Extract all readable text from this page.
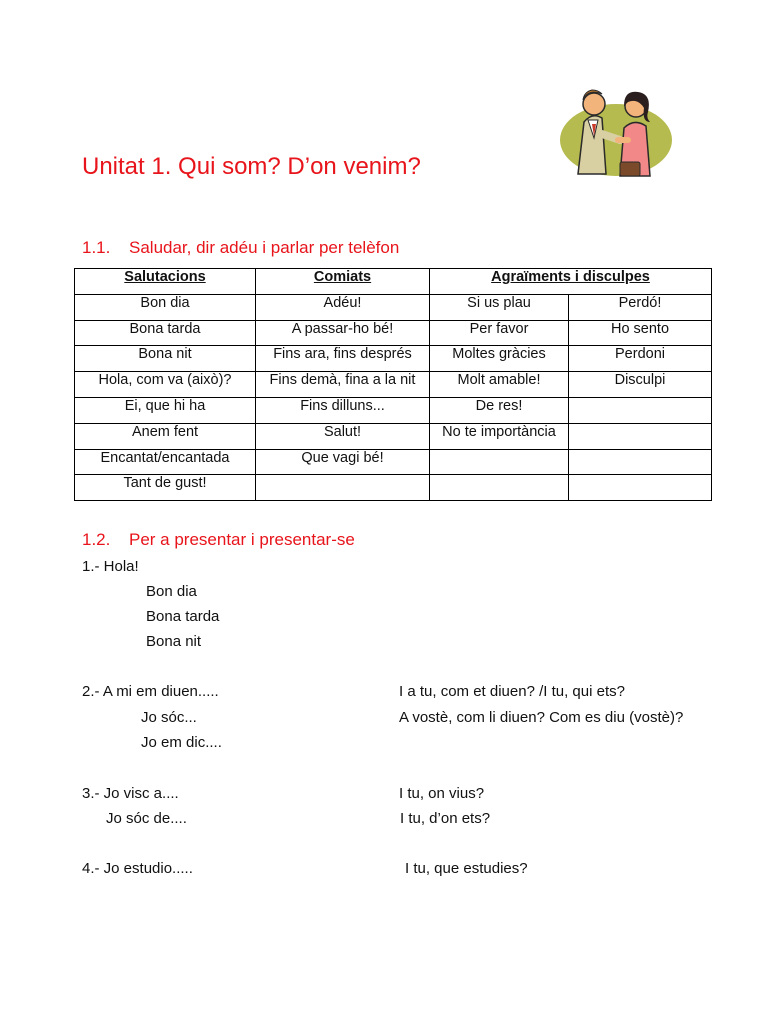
Unitat 1. Qui som? D’on venim?
1.1. Saludar, dir adéu i parlar per telèfon
Salutacions	Comiats	Agraïments i disculpes	
Bon dia	Adéu!	Si us plau	Perdó!
Bona tarda	A passar-ho bé!	Per favor	Ho sento
Bona nit	Fins ara, fins després	Moltes gràcies	Perdoni
Hola, com va (això)?	Fins demà, fina a la nit	Molt amable!	Disculpi
Ei, que hi ha	Fins dilluns...	De res!	
Anem fent	Salut!	No te importància	
Encantat/encantada	Que vagi bé!		
Tant de gust!			
1.2. Per a presentar i presentar-se
1.- Hola!
Bon dia
Bona tarda
Bona nit
2.- A mi em diuen.....
Jo sóc...
Jo em dic....
I a tu, com et diuen? /I tu, qui ets?
A vostè, com li diuen? Com es diu (vostè)?
3.- Jo visc a....
Jo sóc de....
I tu, on vius?
I tu, d’on ets?
4.- Jo estudio.....	I tu, que estudies?
